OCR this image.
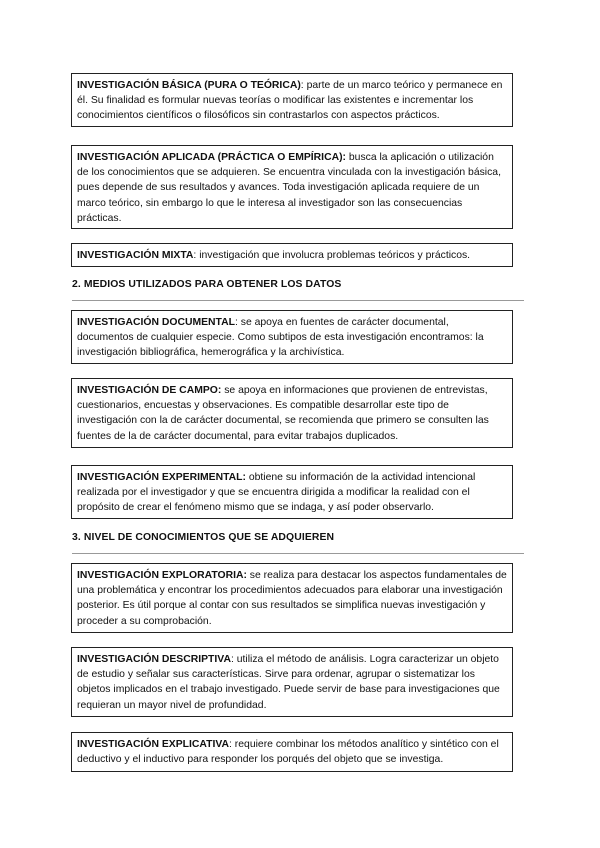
INVESTIGACIÓN BÁSICA (PURA O TEÓRICA): parte de un marco teórico y permanece en él. Su finalidad es formular nuevas teorías o modificar las existentes e incrementar los conocimientos científicos o filosóficos sin contrastarlos con aspectos prácticos.
INVESTIGACIÓN APLICADA (PRÁCTICA O EMPÍRICA): busca la aplicación o utilización de los conocimientos que se adquieren. Se encuentra vinculada con la investigación básica, pues depende de sus resultados y avances. Toda investigación aplicada requiere de un marco teórico, sin embargo lo que le interesa al investigador son las consecuencias prácticas.
INVESTIGACIÓN MIXTA: investigación que involucra problemas teóricos y prácticos.
2. MEDIOS UTILIZADOS PARA OBTENER LOS DATOS
INVESTIGACIÓN DOCUMENTAL: se apoya en fuentes de carácter documental, documentos de cualquier especie. Como subtipos de esta investigación encontramos: la investigación bibliográfica, hemerográfica y la archivística.
INVESTIGACIÓN DE CAMPO: se apoya en informaciones que provienen de entrevistas, cuestionarios, encuestas y observaciones. Es compatible desarrollar este tipo de investigación con la de carácter documental, se recomienda que primero se consulten las fuentes de la de carácter documental, para evitar trabajos duplicados.
INVESTIGACIÓN EXPERIMENTAL: obtiene su información de la actividad intencional realizada por el investigador y que se encuentra dirigida a modificar la realidad con el propósito de crear el fenómeno mismo que se indaga, y así poder observarlo.
3. NIVEL DE CONOCIMIENTOS QUE SE ADQUIEREN
INVESTIGACIÓN EXPLORATORIA: se realiza para destacar los aspectos fundamentales de una problemática y encontrar los procedimientos adecuados para elaborar una investigación posterior. Es útil porque al contar con sus resultados se simplifica nuevas investigación y proceder a su comprobación.
INVESTIGACIÓN DESCRIPTIVA: utiliza el método de análisis. Logra caracterizar un objeto de estudio y señalar sus características. Sirve para ordenar, agrupar o sistematizar los objetos implicados en el trabajo investigado. Puede servir de base para investigaciones que requieran un mayor nivel de profundidad.
INVESTIGACIÓN EXPLICATIVA: requiere combinar los métodos analítico y sintético con el deductivo y el inductivo para responder los porqués del objeto que se investiga.
